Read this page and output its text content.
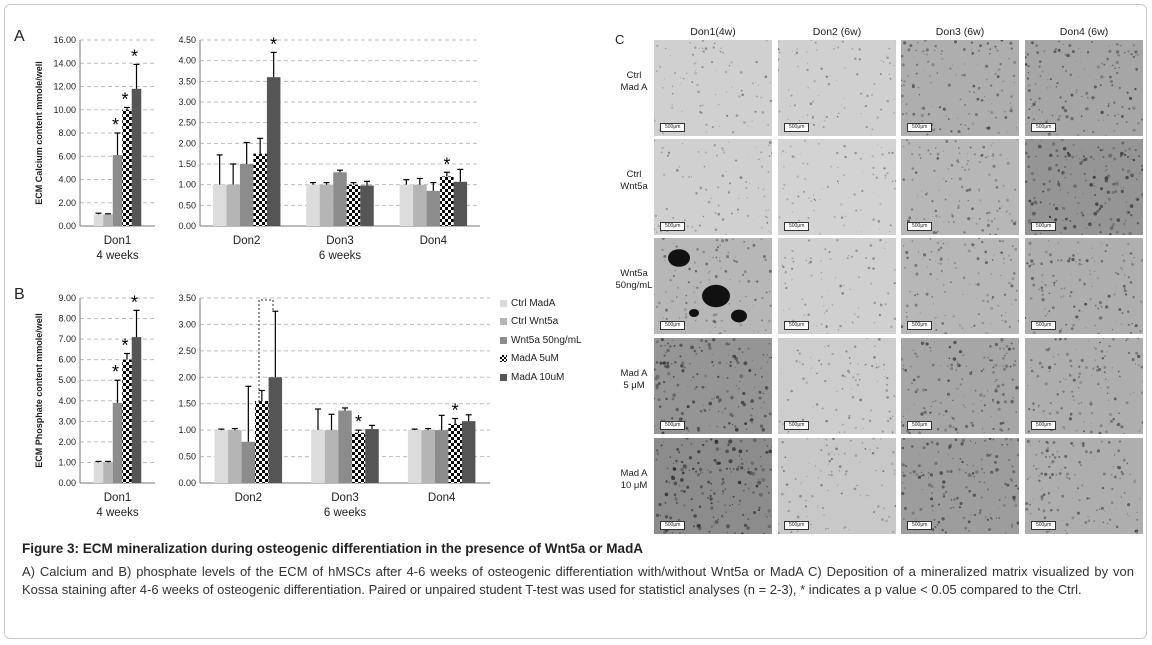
A
B
0.00
2.00
4.00
6.00
8.00
10.00
12.00
14.00
16.00
ECM Calcium content mmole/well	*
*
*
Don1
4 weeks
0.00
0.50
1.00
1.50
2.00
2.50
3.00
3.50
4.00
4.50	*
Don2	Don3
*
Don4
6 weeks
0.00
1.00
2.00
3.00
4.00
5.00
6.00
7.00
8.00
9.00
ECM Phosphate content mmole/well	*
*
*
Don1
4 weeks
0.00
0.50
1.00
1.50
2.00
2.50
3.00
3.50
Don2
*
Don3
*
Don4
6 weeks
Ctrl MadA
Ctrl Wnt5a
Wnt5a 50ng/mL
MadA 5uM
MadA 10uM
C	Don1(4w)	Don2 (6w)	Don3 (6w)	Don4 (6w)
Ctrl
Mad A
500μm	500μm	500μm	500μm
Ctrl
Wnt5a
500μm	500μm	500μm	500μm
Wnt5a
50ng/mL
500μm	500μm	500μm	500μm
Mad A
5 μM
500μm	500μm	500μm	500μm
Mad A
10 μM
500μm	500μm	500μm	500μm
Figure 3: ECM mineralization during osteogenic differentiation in the presence of Wnt5a or MadA
A) Calcium and B) phosphate levels of the ECM of hMSCs after 4-6 weeks of osteogenic differentiation with/without Wnt5a or MadA C) Deposition of a mineralized matrix visualized by von Kossa staining after 4-6 weeks of osteogenic differentiation. Paired or unpaired student T-test was used for statisticl analyses (n = 2-3), * indicates a p value < 0.05 compared to the Ctrl.
